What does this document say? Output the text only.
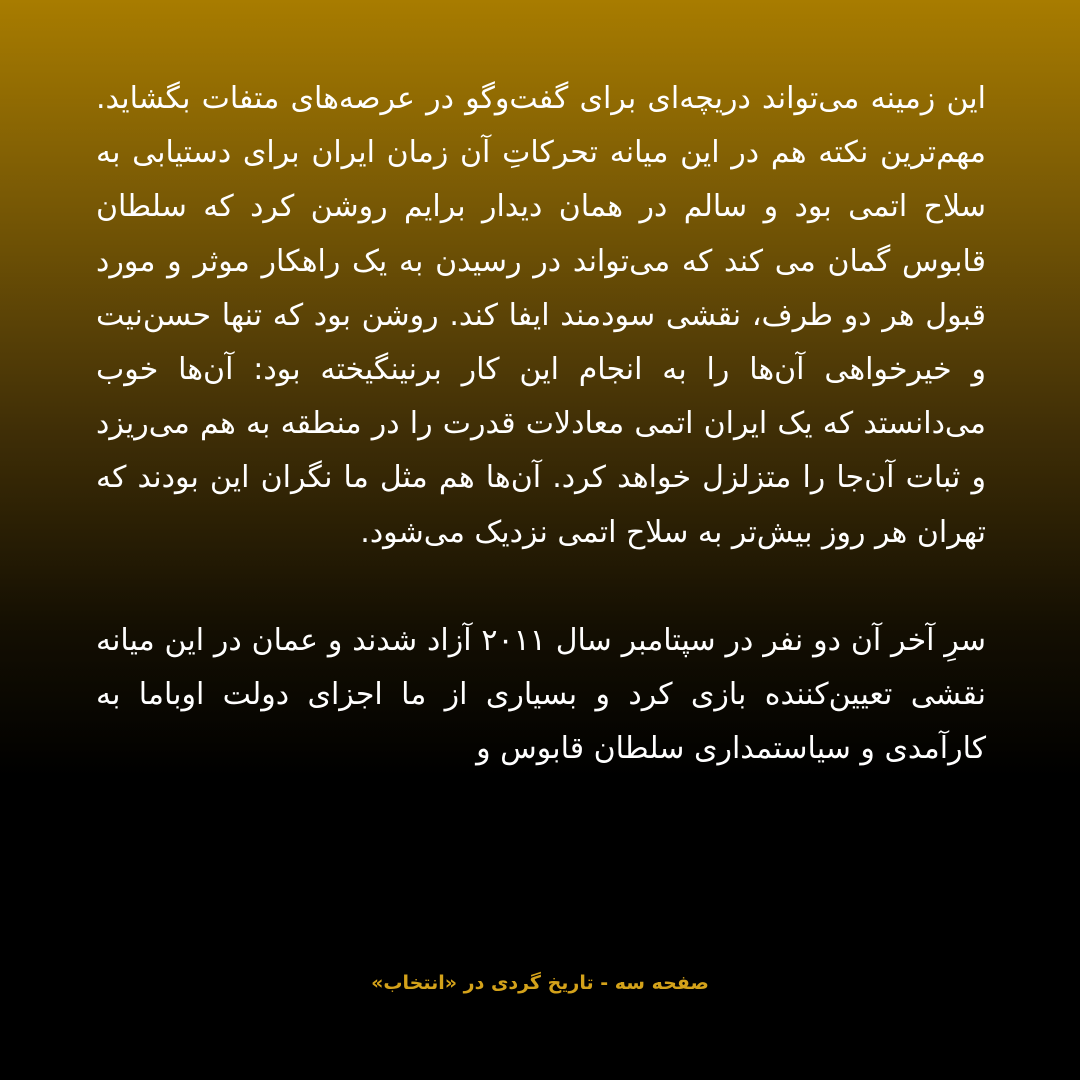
این زمینه می‌تواند دریچه‌ای برای گفت‌وگو در عرصه‌های متفات بگشاید. مهم‌ترین نکته هم در این میانه تحرکاتِ آن زمان ایران برای دستیابی به سلاح اتمی بود و سالم در همان دیدار برایم روشن کرد که سلطان قابوس گمان می کند که می‌تواند در رسیدن به یک راهکار موثر و مورد قبول هر دو طرف، نقشی سودمند ایفا کند. روشن بود که تنها حسن‌نیت و خیرخواهی آن‌ها را به انجام این کار برنینگیخته بود: آن‌ها خوب می‌دانستد که یک ایران اتمی معادلات قدرت را در منطقه به هم می‌ریزد و ثبات آن‌جا را متزلزل خواهد کرد. آن‌ها هم مثل ما نگران این بودند که تهران هر روز بیش‌تر به سلاح اتمی نزدیک می‌شود.

سرِ آخر آن دو نفر در سپتامبر سال ۲۰۱۱ آزاد شدند و عمان در این میانه نقشی تعیین‌کننده بازی کرد و بسیاری از ما اجزای دولت اوباما به کارآمدی و سیاستمداری سلطان قابوس و

صفحه سه - تاریخ گردی در «انتخاب»
